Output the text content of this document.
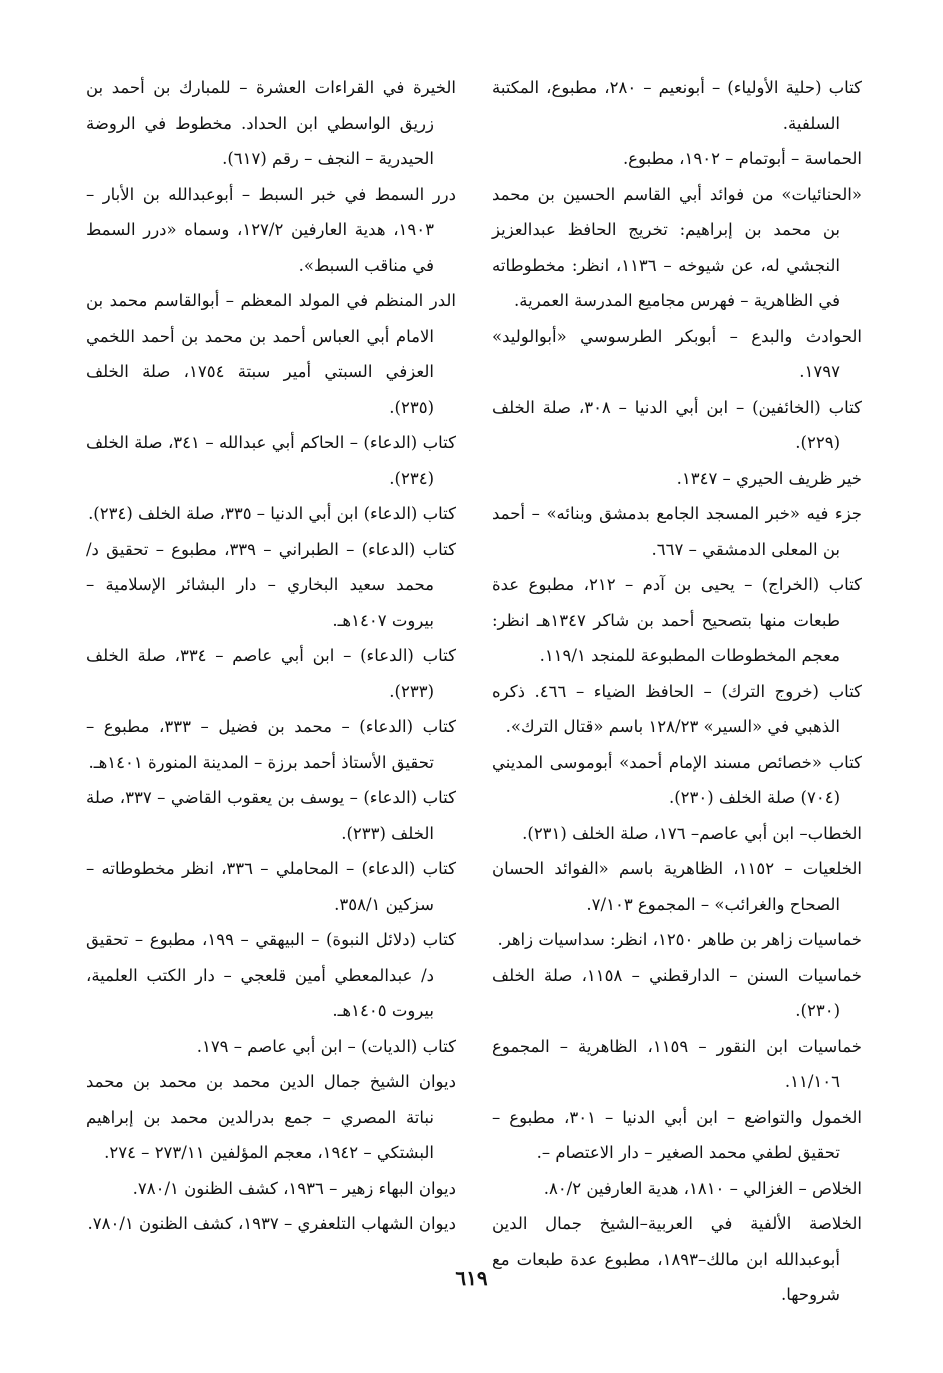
كتاب (حلية الأولياء) – أبونعيم – ٢٨٠، مطبوع، المكتبة السلفية.

الحماسة – أبوتمام – ١٩٠٢، مطبوع.

«الحنائيات» من فوائد أبي القاسم الحسين بن محمد بن محمد بن إبراهيم: تخريج الحافظ عبدالعزيز النجشي له، عن شيوخه – ١١٣٦، انظر: مخطوطاته في الظاهرية – فهرس مجاميع المدرسة العمرية.

الحوادث والبدع – أبوبكر الطرسوسي «أبوالوليد» ١٧٩٧.

كتاب (الخائفين) – ابن أبي الدنيا – ٣٠٨، صلة الخلف (٢٢٩).

خير ظريف الحيري – ١٣٤٧.

جزء فيه «خبر المسجد الجامع بدمشق وبنائه» – أحمد بن المعلى الدمشقي – ٦٦٧.

كتاب (الخراج) – يحيى بن آدم – ٢١٢، مطبوع عدة طبعات منها بتصحيح أحمد بن شاكر ١٣٤٧هـ انظر: معجم المخطوطات المطبوعة للمنجد ١١٩/١.

كتاب (خروج الترك) – الحافظ الضياء – ٤٦٦. ذكره الذهبي في «السير» ١٢٨/٢٣ باسم «قتال الترك».

كتاب «خصائص مسند الإمام أحمد» أبوموسى المديني (٧٠٤) صلة الخلف (٢٣٠).

الخطاب– ابن أبي عاصم– ١٧٦، صلة الخلف (٢٣١).

الخلعيات – ١١٥٢، الظاهرية باسم «الفوائد الحسان الصحاح والغرائب» – المجموع ٧/١٠٣.

خماسيات زاهر بن طاهر ١٢٥٠، انظر: سداسيات زاهر.

خماسيات السنن – الدارقطني – ١١٥٨، صلة الخلف (٢٣٠).

خماسيات ابن النقور – ١١٥٩، الظاهرية – المجموع ١١/١٠٦.

الخمول والتواضع – ابن أبي الدنيا – ٣٠١، مطبوع – تحقيق لطفي محمد الصغير – دار الاعتصام –.

الخلاص – الغزالي – ١٨١٠، هدية العارفين ٨٠/٢.

الخلاصة الألفية في العربية–الشيخ جمال الدين أبوعبدالله ابن مالك–١٨٩٣، مطبوع عدة طبعات مع شروحها.

الخيرة في القراءات العشرة – للمبارك بن أحمد بن زريق الواسطي ابن الحداد. مخطوط في الروضة الحيدرية – النجف – رقم (٦١٧).

درر السمط في خبر السبط – أبوعبدالله بن الأبار – ١٩٠٣، هدية العارفين ١٢٧/٢، وسماه «درر السمط في مناقب السبط».

الدر المنظم في المولد المعظم – أبوالقاسم محمد بن الامام أبي العباس أحمد بن محمد بن أحمد اللخمي العزفي السبتي أمير سبتة ١٧٥٤، صلة الخلف (٢٣٥).

كتاب (الدعاء) – الحاكم أبي عبدالله – ٣٤١، صلة الخلف (٢٣٤).

كتاب (الدعاء) ابن أبي الدنيا – ٣٣٥، صلة الخلف (٢٣٤).

كتاب (الدعاء) – الطبراني – ٣٣٩، مطبوع – تحقيق د/ محمد سعيد البخاري – دار البشائر الإسلامية – بيروت ١٤٠٧هـ.

كتاب (الدعاء) – ابن أبي عاصم – ٣٣٤، صلة الخلف (٢٣٣).

كتاب (الدعاء) – محمد بن فضيل – ٣٣٣، مطبوع – تحقيق الأستاذ أحمد برزة – المدينة المنورة ١٤٠١هـ.

كتاب (الدعاء) – يوسف بن يعقوب القاضي – ٣٣٧، صلة الخلف (٢٣٣).

كتاب (الدعاء) – المحاملي – ٣٣٦، انظر مخطوطاته – سزكين ٣٥٨/١.

كتاب (دلائل النبوة) – البيهقي – ١٩٩، مطبوع – تحقيق د/ عبدالمعطي أمين قلعجي – دار الكتب العلمية، بيروت ١٤٠٥هـ.

كتاب (الديات) – ابن أبي عاصم – ١٧٩.

ديوان الشيخ جمال الدين محمد بن محمد بن محمد نباتة المصري – جمع بدرالدين محمد بن إبراهيم البشتكي – ١٩٤٢، معجم المؤلفين ٢٧٣/١١ – ٢٧٤.

ديوان البهاء زهير – ١٩٣٦، كشف الظنون ٧٨٠/١.

ديوان الشهاب التلعفري – ١٩٣٧، كشف الظنون ٧٨٠/١.

٦١٩
